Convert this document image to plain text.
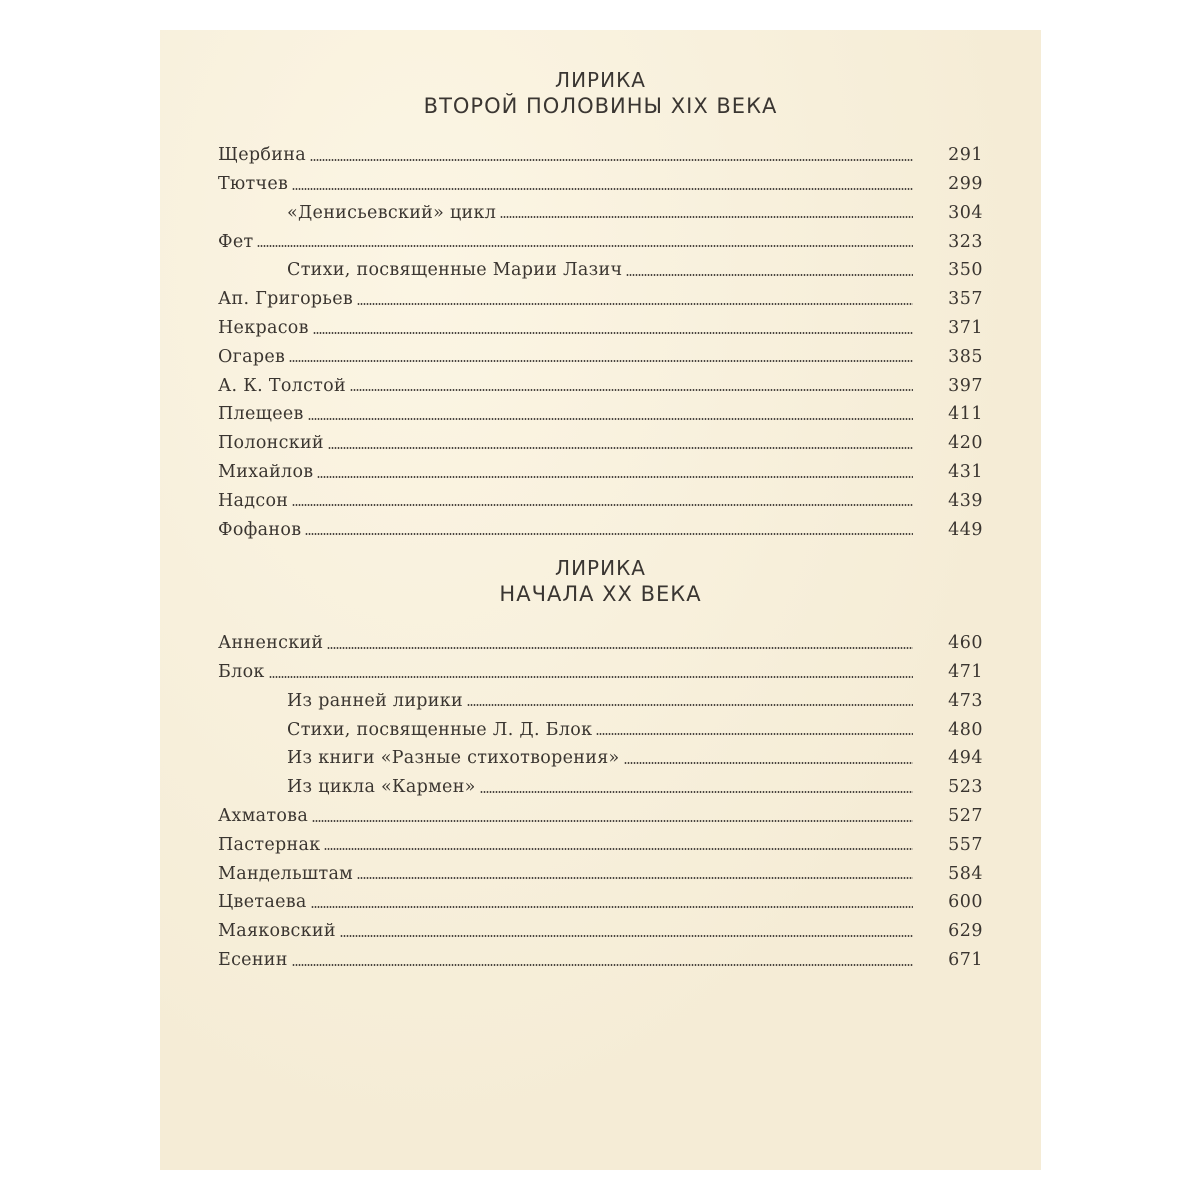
ЛИРИКА
ВТОРОЙ ПОЛОВИНЫ XIX ВЕКА
Щербина	291
Тютчев	299
«Денисьевский» цикл	304
Фет	323
Стихи, посвященные Марии Лазич	350
Ап. Григорьев	357
Некрасов	371
Огарев	385
А. К. Толстой	397
Плещеев	411
Полонский	420
Михайлов	431
Надсон	439
Фофанов	449
ЛИРИКА
НАЧАЛА XX ВЕКА
Анненский	460
Блок	471
Из ранней лирики	473
Стихи, посвященные Л. Д. Блок	480
Из книги «Разные стихотворения»	494
Из цикла «Кармен»	523
Ахматова	527
Пастернак	557
Мандельштам	584
Цветаева	600
Маяковский	629
Есенин	671
